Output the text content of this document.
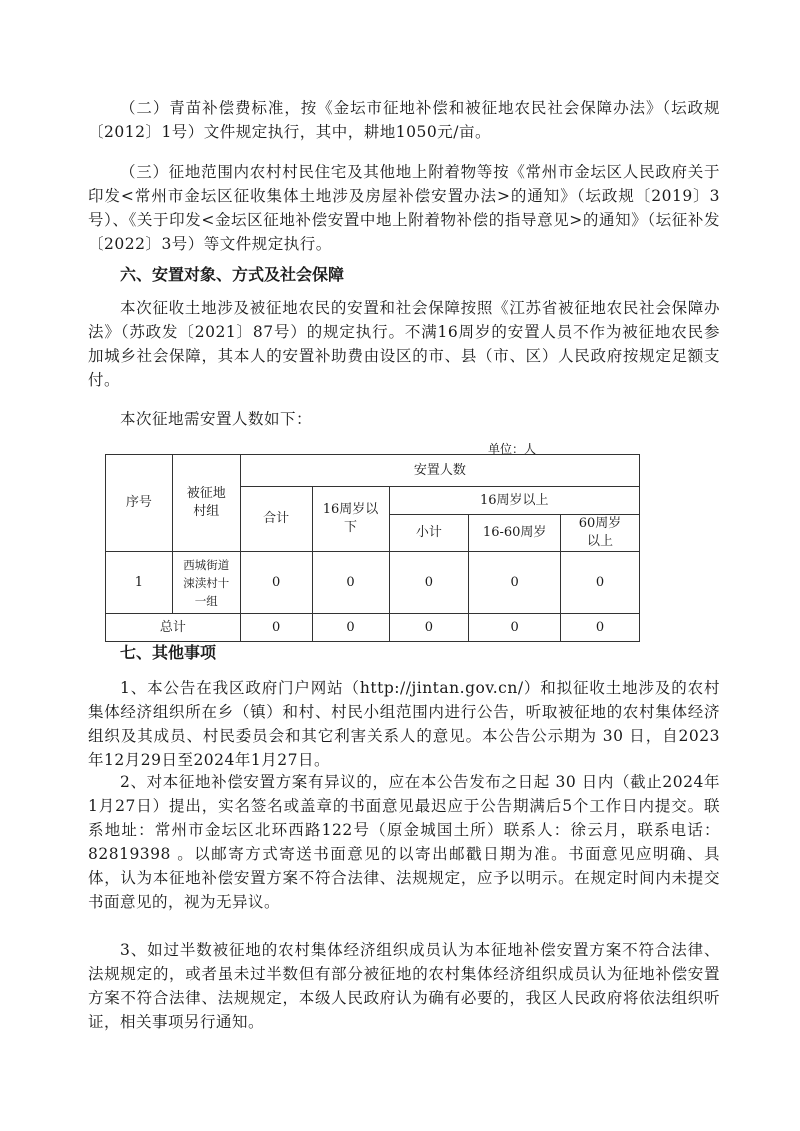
（二）青苗补偿费标准，按《金坛市征地补偿和被征地农民社会保障办法》（坛政规〔2012〕1号）文件规定执行，其中，耕地1050元/亩。

（三）征地范围内农村村民住宅及其他地上附着物等按《常州市金坛区人民政府关于印发<常州市金坛区征收集体土地涉及房屋补偿安置办法>的通知》（坛政规〔2019〕3号）、《关于印发<金坛区征地补偿安置中地上附着物补偿的指导意见>的通知》（坛征补发〔2022〕3号）等文件规定执行。

六、安置对象、方式及社会保障

本次征收土地涉及被征地农民的安置和社会保障按照《江苏省被征地农民社会保障办法》（苏政发〔2021〕87号）的规定执行。不满16周岁的安置人员不作为被征地农民参加城乡社会保障，其本人的安置补助费由设区的市、县（市、区）人民政府按规定足额支付。

本次征地需安置人数如下：

单位：人
序号	被征地村组	安置人数				
		合计	16周岁以下	16周岁以上		
				小计	16-60周岁	60周岁以上
1	西城街道涑渎村十一组	0	0	0	0	0
总计		0	0	0	0	0

七、其他事项

1、本公告在我区政府门户网站（http://jintan.gov.cn/）和拟征收土地涉及的农村集体经济组织所在乡（镇）和村、村民小组范围内进行公告，听取被征地的农村集体经济组织及其成员、村民委员会和其它利害关系人的意见。本公告公示期为 30 日，自2023年12月29日至2024年1月27日。

2、对本征地补偿安置方案有异议的，应在本公告发布之日起 30 日内（截止2024年1月27日）提出，实名签名或盖章的书面意见最迟应于公告期满后5个工作日内提交。联系地址：常州市金坛区北环西路122号（原金城国土所）联系人：徐云月，联系电话：82819398 。以邮寄方式寄送书面意见的以寄出邮戳日期为准。书面意见应明确、具体，认为本征地补偿安置方案不符合法律、法规规定，应予以明示。在规定时间内未提交书面意见的，视为无异议。

3、如过半数被征地的农村集体经济组织成员认为本征地补偿安置方案不符合法律、法规规定的，或者虽未过半数但有部分被征地的农村集体经济组织成员认为征地补偿安置方案不符合法律、法规规定，本级人民政府认为确有必要的，我区人民政府将依法组织听证，相关事项另行通知。
